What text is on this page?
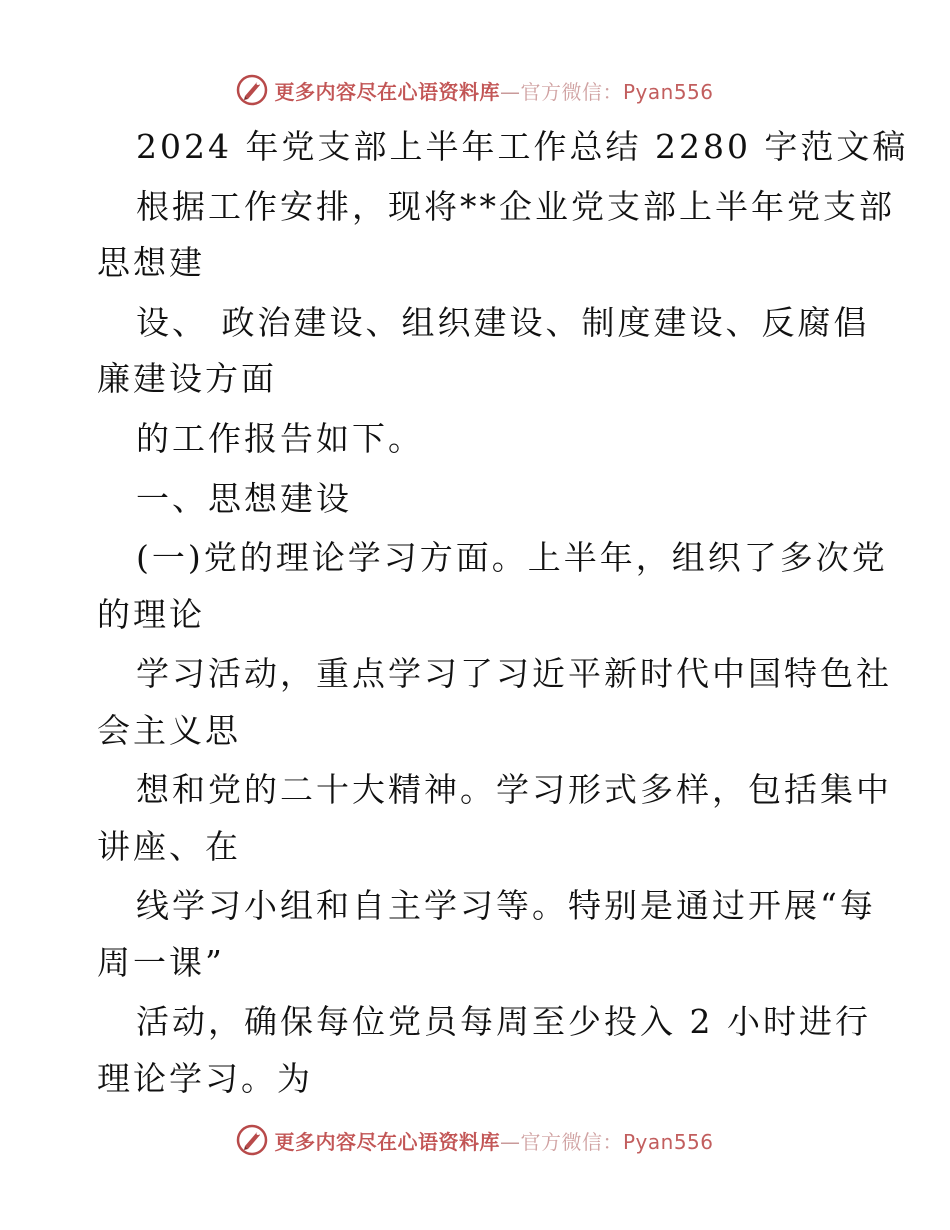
更多内容尽在心语资料库—官方微信：Pyan556
2024 年党支部上半年工作总结 2280 字范文稿
根据工作安排，现将**企业党支部上半年党支部
思想建
设、 政治建设、组织建设、制度建设、反腐倡
廉建设方面
的工作报告如下。
一、思想建设
(一)党的理论学习方面。上半年，组织了多次党
的理论
学习活动，重点学习了习近平新时代中国特色社
会主义思
想和党的二十大精神。学习形式多样，包括集中
讲座、在
线学习小组和自主学习等。特别是通过开展“每
周一课”
活动，确保每位党员每周至少投入 2 小时进行
理论学习。为
更多内容尽在心语资料库—官方微信：Pyan556
